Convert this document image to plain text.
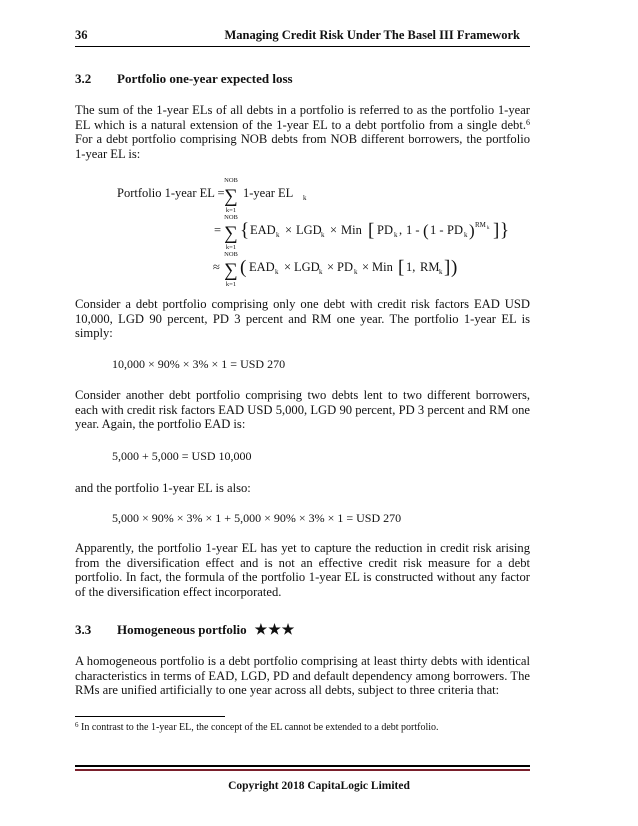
36	Managing Credit Risk Under The Basel III Framework
3.2 Portfolio one-year expected loss
The sum of the 1-year ELs of all debts in a portfolio is referred to as the portfolio 1-year EL which is a natural extension of the 1-year EL to a debt portfolio from a single debt.$^6$ For a debt portfolio comprising NOB debts from NOB different borrowers, the portfolio 1-year EL is:
Portfolio 1-year EL =
NOB
∑
k=1
1-year EL k
=
NOB
∑
k=1
{ EAD k × LGD k × Min [ PD k , 1 - ( 1 - PD k ) RM k ] }
≈
NOB
∑
k=1
( EAD k × LGD k × PD k × Min [ 1, RM k ] )
Consider a debt portfolio comprising only one debt with credit risk factors EAD USD 10,000, LGD 90 percent, PD 3 percent and RM one year. The portfolio 1-year EL is simply:
10,000 × 90% × 3% × 1 = USD 270
Consider another debt portfolio comprising two debts lent to two different borrowers, each with credit risk factors EAD USD 5,000, LGD 90 percent, PD 3 percent and RM one year. Again, the portfolio EAD is:
5,000 + 5,000 = USD 10,000
and the portfolio 1-year EL is also:
5,000 × 90% × 3% × 1 + 5,000 × 90% × 3% × 1 = USD 270
Apparently, the portfolio 1-year EL has yet to capture the reduction in credit risk arising from the diversification effect and is not an effective credit risk measure for a debt portfolio. In fact, the formula of the portfolio 1-year EL is constructed without any factor of the diversification effect incorporated.
3.3 Homogeneous portfolio ★★★
A homogeneous portfolio is a debt portfolio comprising at least thirty debts with identical characteristics in terms of EAD, LGD, PD and default dependency among borrowers. The RMs are unified artificially to one year across all debts, subject to three criteria that:
$^6$ In contrast to the 1-year EL, the concept of the EL cannot be extended to a debt portfolio.
Copyright 2018 CapitaLogic Limited
